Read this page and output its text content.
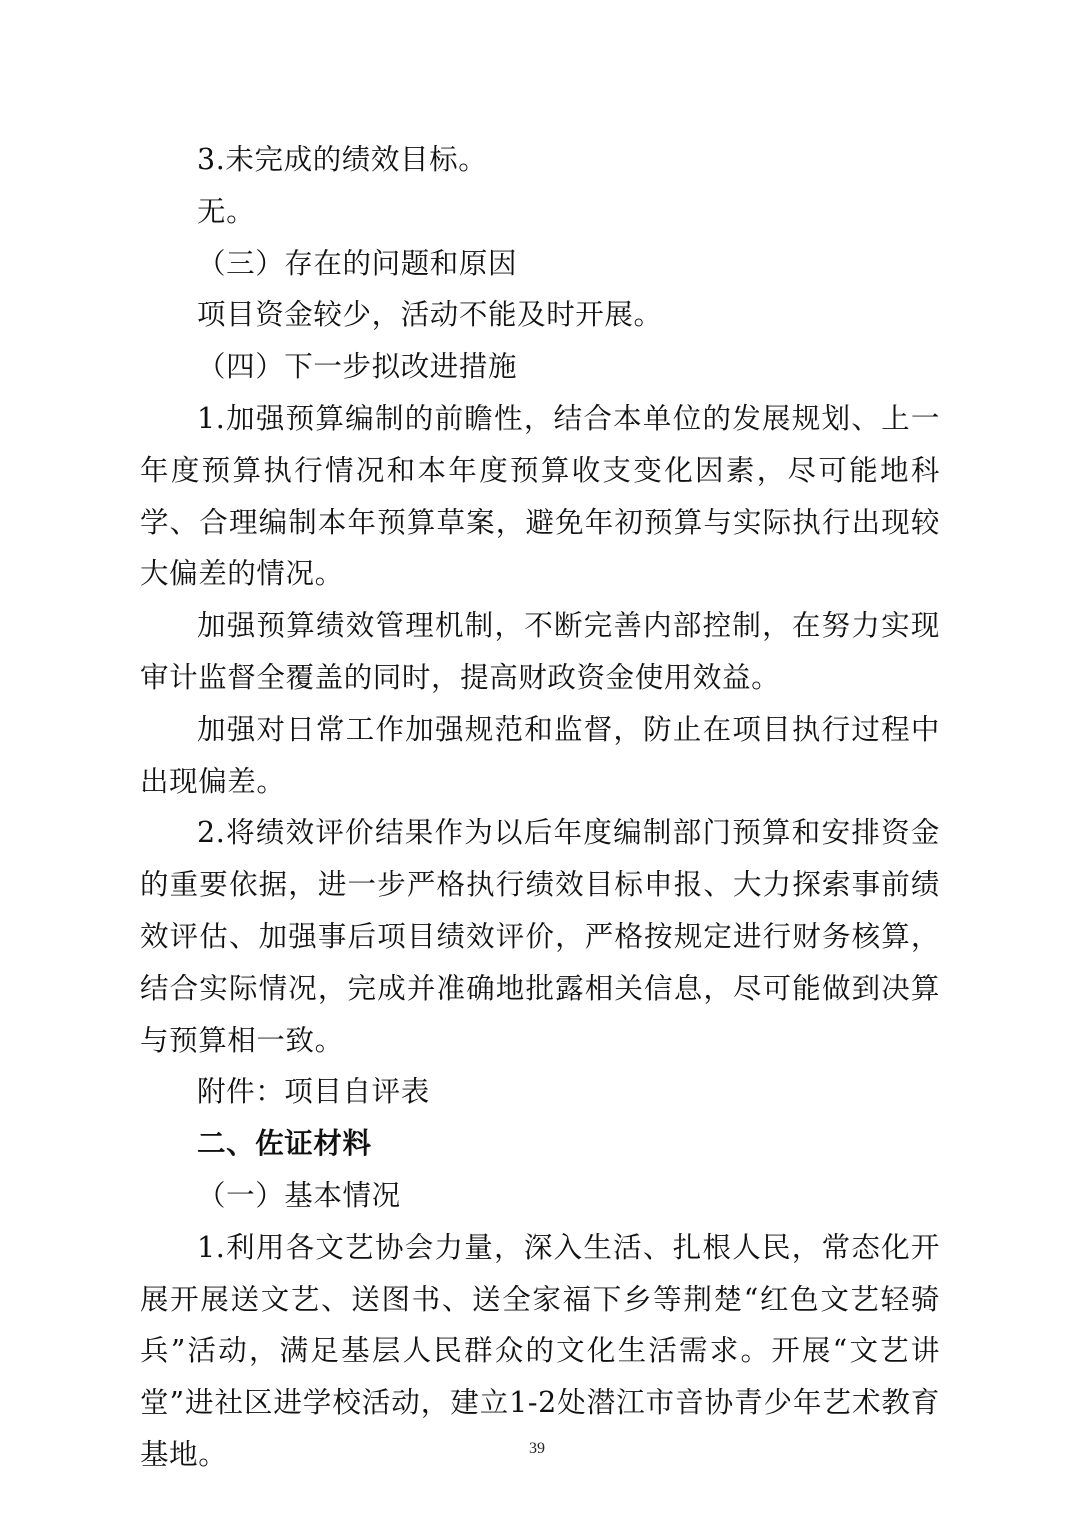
3.未完成的绩效目标。

无。

（三）存在的问题和原因

项目资金较少，活动不能及时开展。

（四）下一步拟改进措施

1.加强预算编制的前瞻性，结合本单位的发展规划、上一年度预算执行情况和本年度预算收支变化因素，尽可能地科学、合理编制本年预算草案，避免年初预算与实际执行出现较大偏差的情况。

加强预算绩效管理机制，不断完善内部控制，在努力实现审计监督全覆盖的同时，提高财政资金使用效益。

加强对日常工作加强规范和监督，防止在项目执行过程中出现偏差。

2.将绩效评价结果作为以后年度编制部门预算和安排资金的重要依据，进一步严格执行绩效目标申报、大力探索事前绩效评估、加强事后项目绩效评价，严格按规定进行财务核算，结合实际情况，完成并准确地批露相关信息，尽可能做到决算与预算相一致。

附件：项目自评表

二、佐证材料

（一）基本情况

1.利用各文艺协会力量，深入生活、扎根人民，常态化开展开展送文艺、送图书、送全家福下乡等荆楚“红色文艺轻骑兵”活动，满足基层人民群众的文化生活需求。开展“文艺讲堂”进社区进学校活动，建立1-2处潜江市音协青少年艺术教育基地。	39
